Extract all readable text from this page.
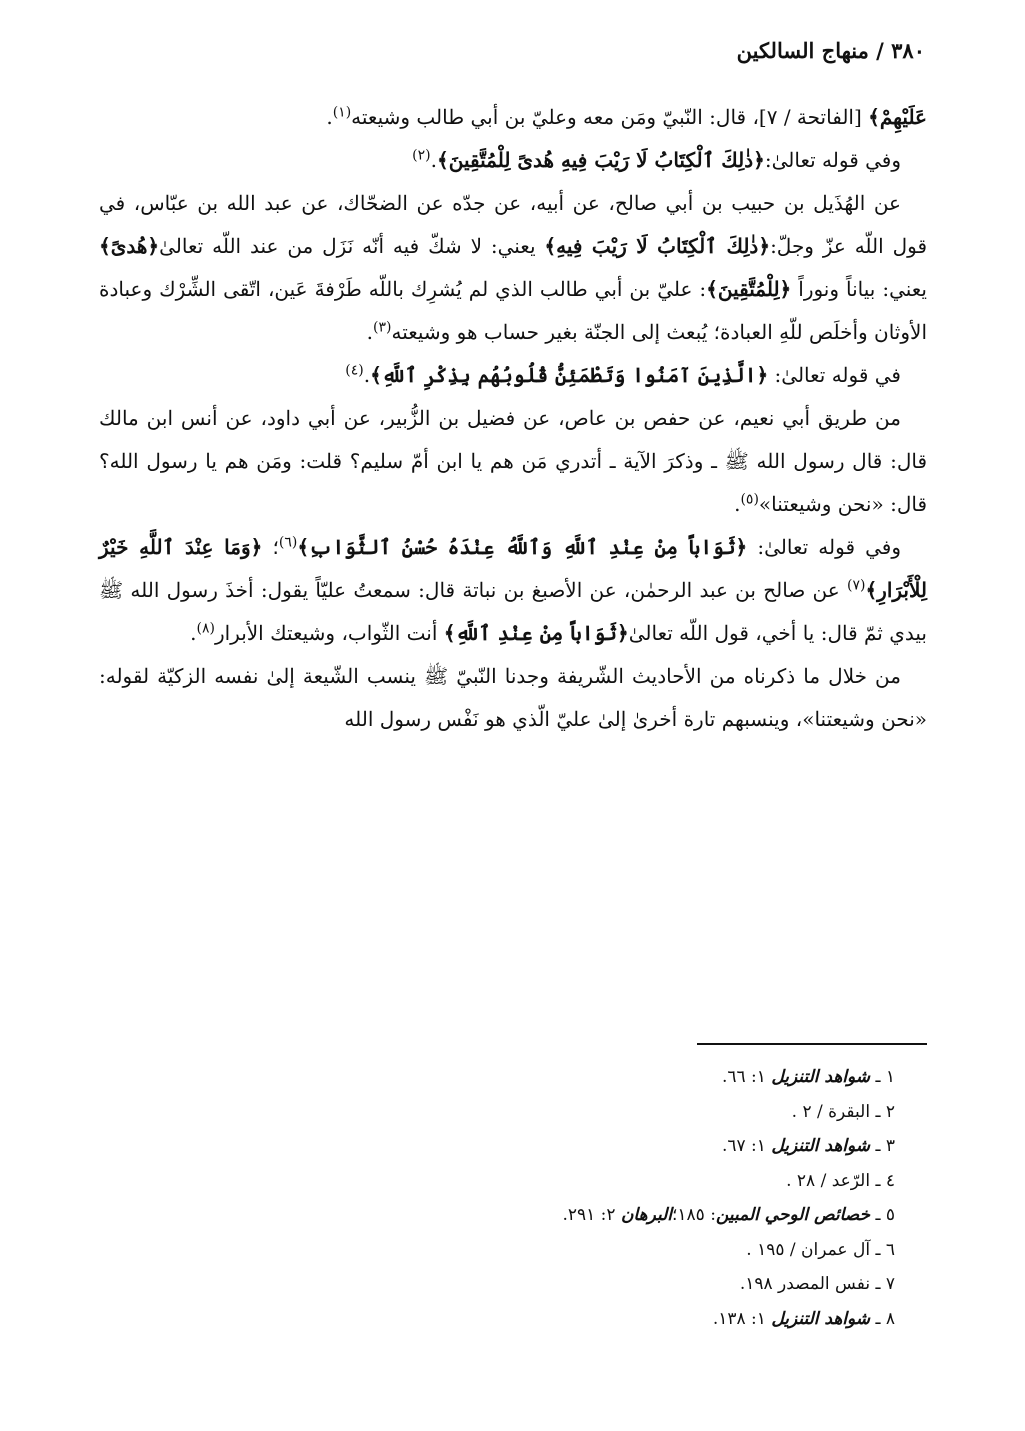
٣٨٠ / منهاج السالكين

عَلَيْهِمْ﴾ [الفاتحة / ٧]، قال: النّبيّ ومَن معه وعليّ بن أبي طالب وشيعته$^{(١)}$.

وفي قوله تعالىٰ:﴿ذٰلِكَ ٱلْكِتَابُ لَا رَيْبَ فِيهِ هُدىً لِلْمُتَّقِينَ﴾.$^{(٢)}$

عن الهُذَيل بن حبيب بن أبي صالح، عن أبيه، عن جدّه عن الضحّاك، عن عبد الله بن عبّاس، في قول اللّه عزّ وجلّ:﴿ذٰلِكَ ٱلْكِتَابُ لَا رَيْبَ فِيهِ﴾ يعني: لا شكّ فيه أنّه نَزَل من عند اللّه تعالىٰ﴿هُدىً﴾ يعني: بياناً ونوراً ﴿لِلْمُتَّقِينَ﴾: عليّ بن أبي طالب الذي لم يُشرِك باللّه طَرْفةَ عَين، اتّقى الشِّرْك وعبادة الأوثان وأخلَص للّهِ العبادة؛ يُبعث إلى الجنّة بغير حساب هو وشيعته$^{(٣)}$.

في قوله تعالىٰ: ﴿الَّذِينَ آمَنُوا وَتَطْمَئِنُّ قُلُوبُهُم بِذِكْرِ ٱللَّهِ﴾.$^{(٤)}$

من طريق أبي نعيم، عن حفص بن عاص، عن فضيل بن الزُّبير، عن أبي داود، عن أنس ابن مالك قال: قال رسول الله ﷺ ـ وذكرَ الآية ـ أتدري مَن هم يا ابن أمّ سليم؟ قلت: ومَن هم يا رسول الله؟ قال: «نحن وشيعتنا»$^{(٥)}$.

وفي قوله تعالىٰ: ﴿ثَوَاباً مِنْ عِنْدِ ٱللَّهِ وَٱللَّهُ عِنْدَهُ حُسْنُ ٱلثَّوَابِ﴾$^{(٦)}$؛ ﴿وَمَا عِنْدَ ٱللَّهِ خَيْرٌ لِلْأَبْرَارِ﴾$^{(٧)}$ عن صالح بن عبد الرحمٰن، عن الأصبغ بن نباتة قال: سمعتُ عليّاً يقول: أخذَ رسول الله ﷺ بيدي ثمّ قال: يا أخي، قول اللّه تعالىٰ﴿ثَوَاباً مِنْ عِنْدِ ٱللَّهِ﴾ أنت الثّواب، وشيعتك الأبرار$^{(٨)}$.

من خلال ما ذكرناه من الأحاديث الشّريفة وجدنا النّبيّ ﷺ ينسب الشّيعة إلىٰ نفسه الزكيّة لقوله: «نحن وشيعتنا»، وينسبهم تارة أخرىٰ إلىٰ عليّ الّذي هو نَفْس رسول الله

١ ـ شواهد التنزيل ١: ٦٦.
٢ ـ البقرة / ٢ .
٣ ـ شواهد التنزيل ١: ٦٧.
٤ ـ الرّعد / ٢٨ .
٥ ـ خصائص الوحي المبين: ١٨٥؛البرهان ٢: ٢٩١.
٦ ـ آل عمران / ١٩٥ .
٧ ـ نفس المصدر ١٩٨.
٨ ـ شواهد التنزيل ١: ١٣٨.
